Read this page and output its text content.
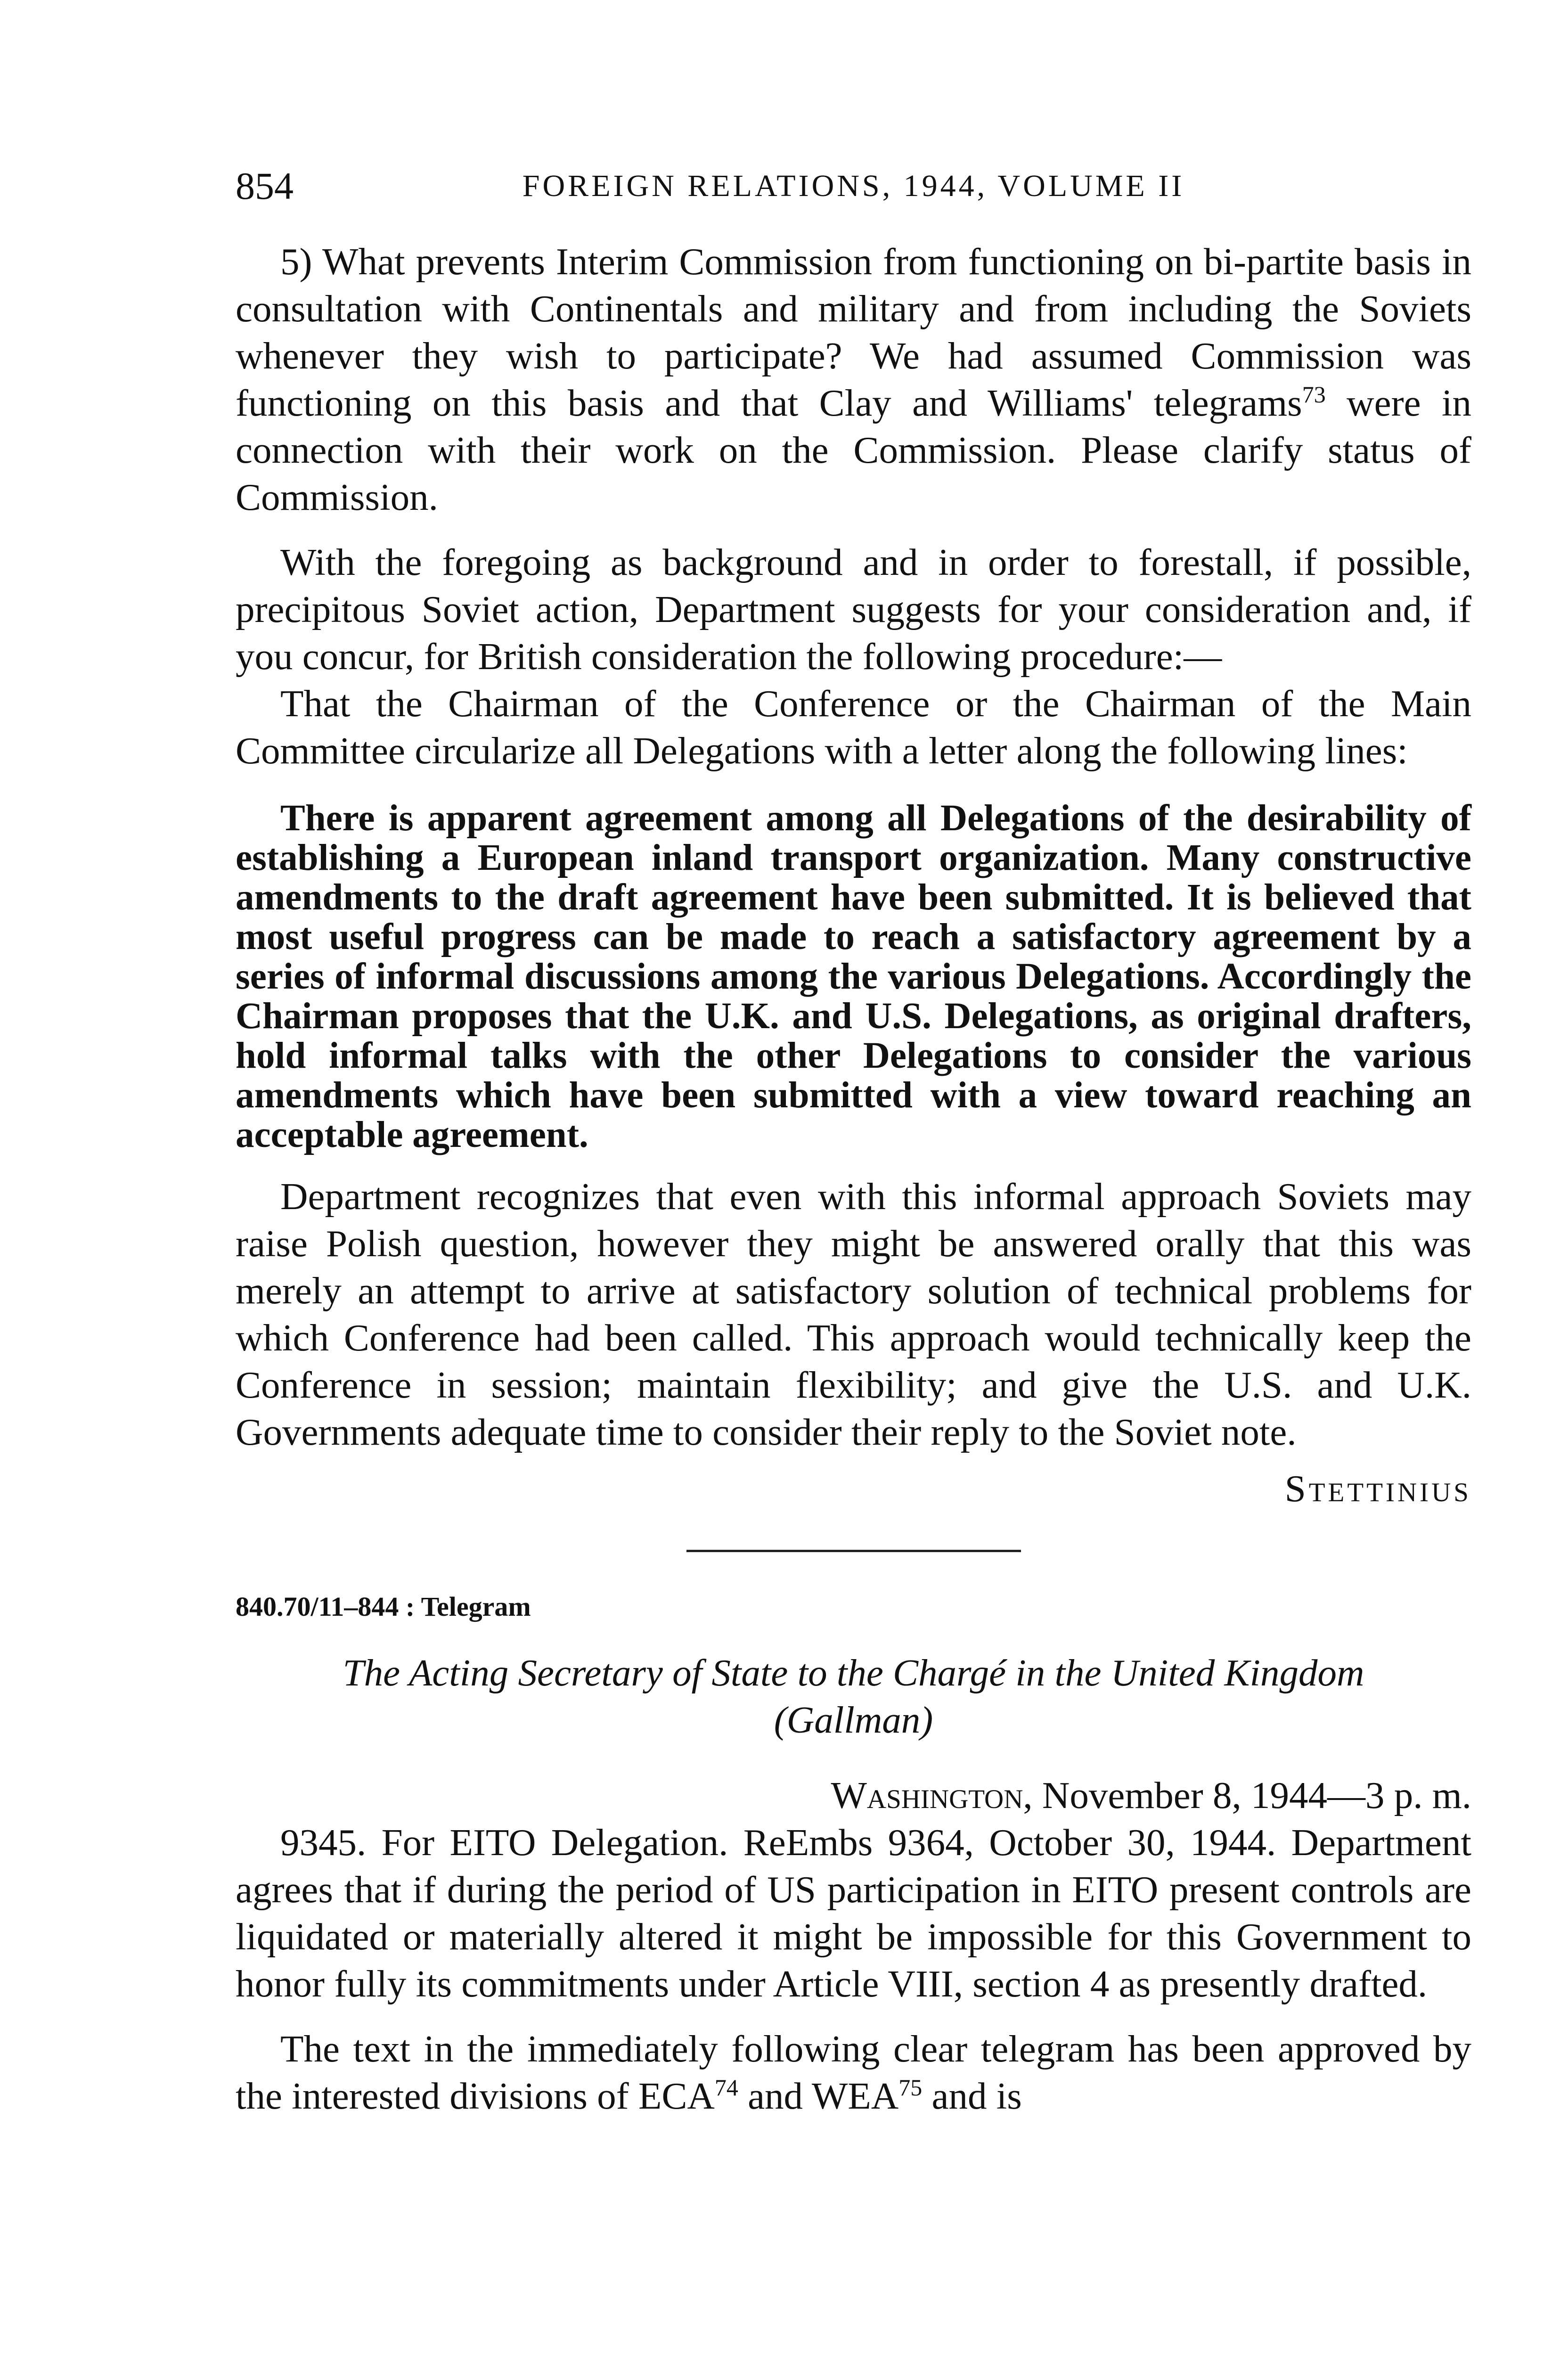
854	FOREIGN RELATIONS, 1944, VOLUME II

5) What prevents Interim Commission from functioning on bi-partite basis in consultation with Continentals and military and from including the Soviets whenever they wish to participate? We had assumed Commission was functioning on this basis and that Clay and Williams' telegrams$^{73}$ were in connection with their work on the Commission. Please clarify status of Commission.

With the foregoing as background and in order to forestall, if possible, precipitous Soviet action, Department suggests for your consideration and, if you concur, for British consideration the following procedure:—

That the Chairman of the Conference or the Chairman of the Main Committee circularize all Delegations with a letter along the following lines:

There is apparent agreement among all Delegations of the desirability of establishing a European inland transport organization. Many constructive amendments to the draft agreement have been submitted. It is believed that most useful progress can be made to reach a satisfactory agreement by a series of informal discussions among the various Delegations. Accordingly the Chairman proposes that the U.K. and U.S. Delegations, as original drafters, hold informal talks with the other Delegations to consider the various amendments which have been submitted with a view toward reaching an acceptable agreement.

Department recognizes that even with this informal approach Soviets may raise Polish question, however they might be answered orally that this was merely an attempt to arrive at satisfactory solution of technical problems for which Conference had been called. This approach would technically keep the Conference in session; maintain flexibility; and give the U.S. and U.K. Governments adequate time to consider their reply to the Soviet note.

Stettinius

840.70/11–844 : Telegram

The Acting Secretary of State to the Chargé in the United Kingdom
(Gallman)

Washington, November 8, 1944—3 p. m.

9345. For EITO Delegation. ReEmbs 9364, October 30, 1944. Department agrees that if during the period of US participation in EITO present controls are liquidated or materially altered it might be impossible for this Government to honor fully its commitments under Article VIII, section 4 as presently drafted.

The text in the immediately following clear telegram has been approved by the interested divisions of ECA$^{74}$ and WEA$^{75}$ and is
